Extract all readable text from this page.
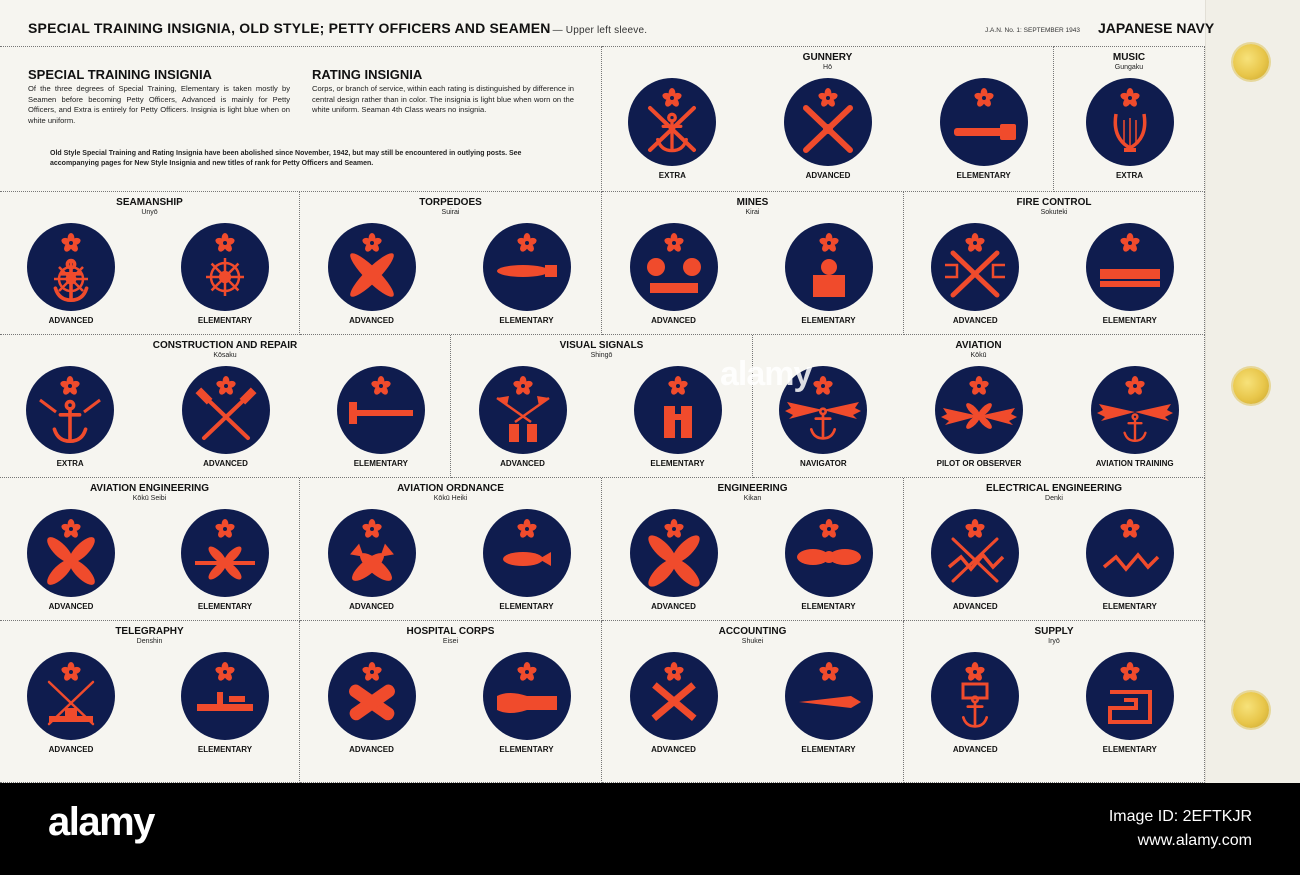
SPECIAL TRAINING INSIGNIA, OLD STYLE; PETTY OFFICERS AND SEAMEN — Upper left sleeve.	J.A.N. No. 1: SEPTEMBER 1943 JAPANESE NAVY
SPECIAL TRAINING INSIGNIA
Of the three degrees of Special Training, Elementary is taken mostly by Seamen before becoming Petty Officers, Advanced is mainly for Petty Officers, and Extra is entirely for Petty Officers. Insignia is light blue when on white uniform.
RATING INSIGNIA
Corps, or branch of service, within each rating is distinguished by difference in central design rather than in color. The insignia is light blue when worn on the white uniform. Seaman 4th Class wears no insignia.
Old Style Special Training and Rating Insignia have been abolished since November, 1942, but may still be encountered in outlying posts. See accompanying pages for New Style Insignia and new titles of rank for Petty Officers and Seamen.
GUNNERY
Hō
EXTRA	ADVANCED	ELEMENTARY
MUSIC
Gungaku
EXTRA
SEAMANSHIP
Unyō
ADVANCED	ELEMENTARY
TORPEDOES
Suirai
ADVANCED	ELEMENTARY
MINES
Kirai
ADVANCED	ELEMENTARY
FIRE CONTROL
Sokuteki
ADVANCED	ELEMENTARY
CONSTRUCTION AND REPAIR
Kōsaku
EXTRA	ADVANCED	ELEMENTARY
VISUAL SIGNALS
Shingō
ADVANCED	ELEMENTARY
AVIATION
Kōkū
NAVIGATOR	PILOT OR OBSERVER	AVIATION TRAINING
AVIATION ENGINEERING
Kōkū Seibi
ADVANCED	ELEMENTARY
AVIATION ORDNANCE
Kōkū Heiki
ADVANCED	ELEMENTARY
ENGINEERING
Kikan
ADVANCED	ELEMENTARY
ELECTRICAL ENGINEERING
Denki
ADVANCED	ELEMENTARY
TELEGRAPHY
Denshin
ADVANCED	ELEMENTARY
HOSPITAL CORPS
Eisei
ADVANCED	ELEMENTARY
ACCOUNTING
Shukei
ADVANCED	ELEMENTARY
SUPPLY
Iryō
ADVANCED	ELEMENTARY
alamy	Image ID: 2EFTKJR
www.alamy.com
alamy
